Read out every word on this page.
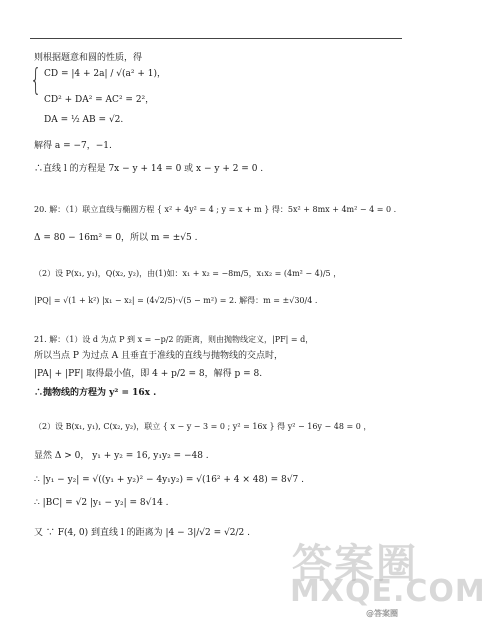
则根据题意和圆的性质，得
{ CD = |4 + 2a| / √(a² + 1)，
CD² + DA² = AC² = 2²，
DA = ½ AB = √2.
解得 a = −7，−1.
∴直线 l 的方程是 7x − y + 14 = 0 或 x − y + 2 = 0 .
20. 解：（1）联立直线与椭圆方程 { x² + 4y² = 4 ; y = x + m } 得：5x² + 8mx + 4m² − 4 = 0 .
Δ = 80 − 16m² = 0，所以 m = ±√5 .
（2）设 P(x₁, y₁)，Q(x₂, y₂)，由(1)如：x₁ + x₂ = −8m/5，x₁x₂ = (4m² − 4)/5 ，
|PQ| = √(1 + k²) |x₁ − x₂| = (4√2/5)·√(5 − m²) = 2. 解得：m = ±√30/4 .
21. 解：（1）设 d 为点 P 到 x = −p/2 的距离，则由抛物线定义，|PF| = d，
所以当点 P 为过点 A 且垂直于准线的直线与抛物线的交点时，
|PA| + |PF| 取得最小值，即 4 + p/2 = 8，解得 p = 8.
∴抛物线的方程为 y² = 16x .
（2）设 B(x₁, y₁), C(x₂, y₂)，联立 { x − y − 3 = 0 ; y² = 16x } 得 y² − 16y − 48 = 0 ，
显然 Δ > 0， y₁ + y₂ = 16, y₁y₂ = −48 .
∴ |y₁ − y₂| = √((y₁ + y₂)² − 4y₁y₂) = √(16² + 4 × 48) = 8√7 .
∴ |BC| = √2 |y₁ − y₂| = 8√14 .
又 ∵ F(4, 0) 到直线 l 的距离为 |4 − 3|/√2 = √2/2 .
答案圈
MXQE.COM
@答案圈
